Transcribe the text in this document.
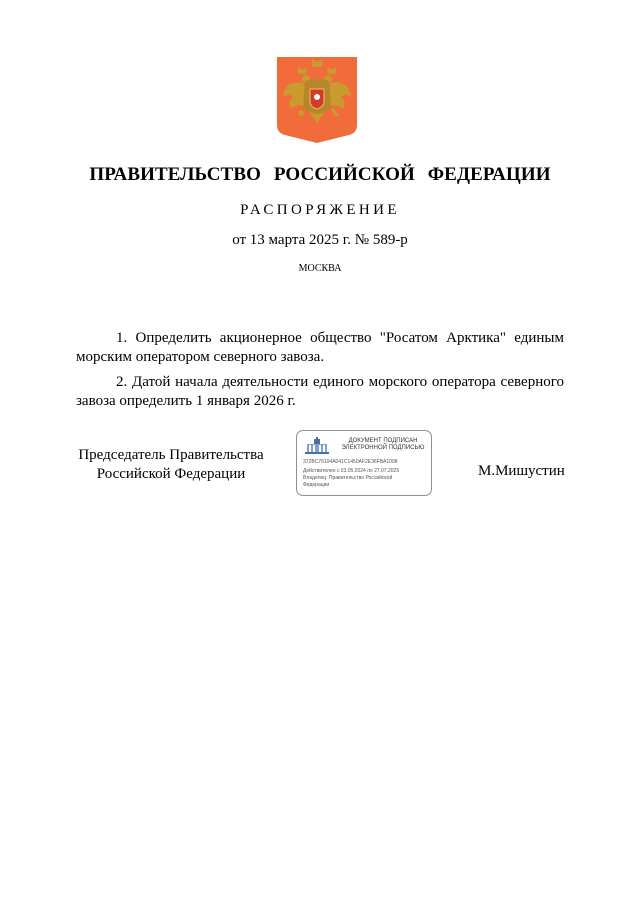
ПРАВИТЕЛЬСТВО РОССИЙСКОЙ ФЕДЕРАЦИИ
РАСПОРЯЖЕНИЕ
от 13 марта 2025 г. № 589-р
МОСКВА

1. Определить акционерное общество "Росатом Арктика" единым морским оператором северного завоза.

2. Датой начала деятельности единого морского оператора северного завоза определить 1 января 2026 г.

Председатель Правительства
Российской Федерации
ДОКУМЕНТ ПОДПИСАН
ЭЛЕКТРОННОЙ ПОДПИСЬЮ
372BC76104A041C1450AF2E36FBA1008
Действителен с 03.05.2024 по 27.07.2025
Владелец: Правительство Российской
Федерации
М.Мишустин
